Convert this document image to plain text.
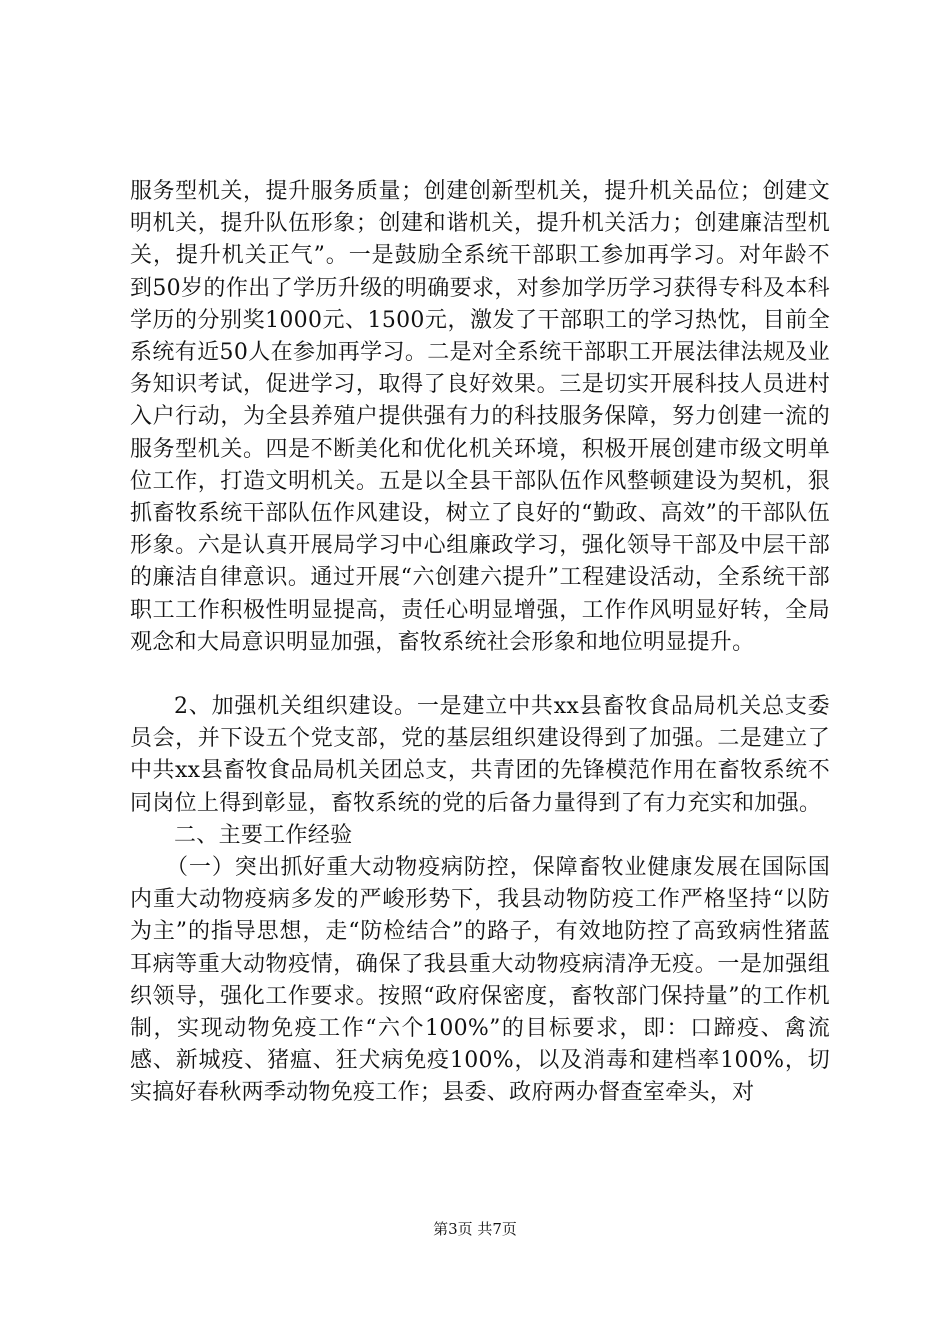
服务型机关，提升服务质量；创建创新型机关，提升机关品位；创建文明机关，提升队伍形象；创建和谐机关，提升机关活力；创建廉洁型机关，提升机关正气”。一是鼓励全系统干部职工参加再学习。对年龄不到50岁的作出了学历升级的明确要求，对参加学历学习获得专科及本科学历的分别奖1000元、1500元，激发了干部职工的学习热忱，目前全系统有近50人在参加再学习。二是对全系统干部职工开展法律法规及业务知识考试，促进学习，取得了良好效果。三是切实开展科技人员进村入户行动，为全县养殖户提供强有力的科技服务保障，努力创建一流的服务型机关。四是不断美化和优化机关环境，积极开展创建市级文明单位工作，打造文明机关。五是以全县干部队伍作风整顿建设为契机，狠抓畜牧系统干部队伍作风建设，树立了良好的“勤政、高效”的干部队伍形象。六是认真开展局学习中心组廉政学习，强化领导干部及中层干部的廉洁自律意识。通过开展“六创建六提升”工程建设活动，全系统干部职工工作积极性明显提高，责任心明显增强，工作作风明显好转，全局观念和大局意识明显加强，畜牧系统社会形象和地位明显提升。

2、加强机关组织建设。一是建立中共xx县畜牧食品局机关总支委员会，并下设五个党支部，党的基层组织建设得到了加强。二是建立了中共xx县畜牧食品局机关团总支，共青团的先锋模范作用在畜牧系统不同岗位上得到彰显，畜牧系统的党的后备力量得到了有力充实和加强。

二、主要工作经验

（一）突出抓好重大动物疫病防控，保障畜牧业健康发展在国际国内重大动物疫病多发的严峻形势下，我县动物防疫工作严格坚持“以防为主”的指导思想，走“防检结合”的路子，有效地防控了高致病性猪蓝耳病等重大动物疫情，确保了我县重大动物疫病清净无疫。一是加强组织领导，强化工作要求。按照“政府保密度，畜牧部门保持量”的工作机制，实现动物免疫工作“六个100%”的目标要求，即：口蹄疫、禽流感、新城疫、猪瘟、狂犬病免疫100%，以及消毒和建档率100%，切实搞好春秋两季动物免疫工作；县委、政府两办督查室牵头，对

第3页 共7页
